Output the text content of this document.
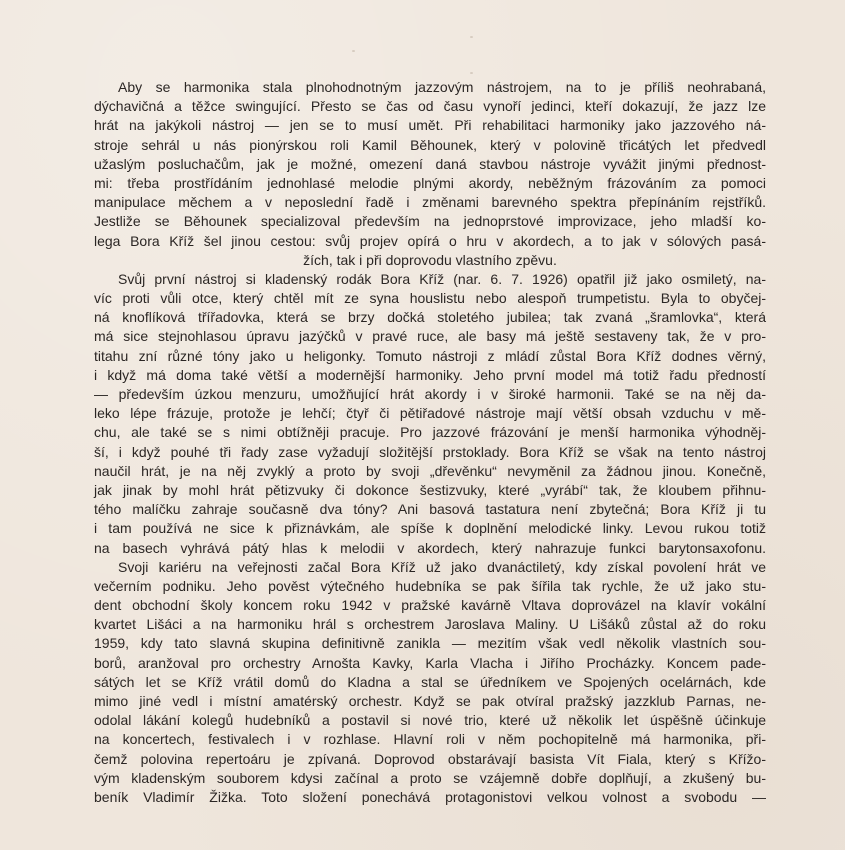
Aby se harmonika stala plnohodnotným jazzovým nástrojem, na to je příliš neohrabaná,
dýchavičná a těžce swingující. Přesto se čas od času vynoří jedinci, kteří dokazují, že jazz lze
hrát na jakýkoli nástroj — jen se to musí umět. Při rehabilitaci harmoniky jako jazzového ná-
stroje sehrál u nás pionýrskou roli Kamil Běhounek, který v polovině třicátých let předvedl
užaslým posluchačům, jak je možné, omezení daná stavbou nástroje vyvážit jinými přednost-
mi: třeba prostřídáním jednohlasé melodie plnými akordy, neběžným frázováním za pomoci
manipulace měchem a v neposlední řadě i změnami barevného spektra přepínáním rejstříků.
Jestliže se Běhounek specializoval především na jednoprstové improvizace, jeho mladší ko-
lega Bora Kříž šel jinou cestou: svůj projev opírá o hru v akordech, a to jak v sólových pasá-
žích, tak i při doprovodu vlastního zpěvu.
Svůj první nástroj si kladenský rodák Bora Kříž (nar. 6. 7. 1926) opatřil již jako osmiletý, na-
víc proti vůli otce, který chtěl mít ze syna houslistu nebo alespoň trumpetistu. Byla to obyčej-
ná knoflíková třířadovka, která se brzy dočká stoletého jubilea; tak zvaná „šramlovka“, která
má sice stejnohlasou úpravu jazýčků v pravé ruce, ale basy má ještě sestaveny tak, že v pro-
titahu zní různé tóny jako u heligonky. Tomuto nástroji z mládí zůstal Bora Kříž dodnes věrný,
i když má doma také větší a modernější harmoniky. Jeho první model má totiž řadu předností
— především úzkou menzuru, umožňující hrát akordy i v široké harmonii. Také se na něj da-
leko lépe frázuje, protože je lehčí; čtyř či pětiřadové nástroje mají větší obsah vzduchu v mě-
chu, ale také se s nimi obtížněji pracuje. Pro jazzové frázování je menší harmonika výhodněj-
ší, i když pouhé tři řady zase vyžadují složitější prstoklady. Bora Kříž se však na tento nástroj
naučil hrát, je na něj zvyklý a proto by svoji „dřevěnku“ nevyměnil za žádnou jinou. Konečně,
jak jinak by mohl hrát pětizvuky či dokonce šestizvuky, které „vyrábí“ tak, že kloubem přihnu-
tého malíčku zahraje současně dva tóny? Ani basová tastatura není zbytečná; Bora Kříž ji tu
i tam používá ne sice k přiznávkám, ale spíše k doplnění melodické linky. Levou rukou totiž
na basech vyhrává pátý hlas k melodii v akordech, který nahrazuje funkci barytonsaxofonu.
Svoji kariéru na veřejnosti začal Bora Kříž už jako dvanáctiletý, kdy získal povolení hrát ve
večerním podniku. Jeho pověst výtečného hudebníka se pak šířila tak rychle, že už jako stu-
dent obchodní školy koncem roku 1942 v pražské kavárně Vltava doprovázel na klavír vokální
kvartet Lišáci a na harmoniku hrál s orchestrem Jaroslava Maliny. U Lišáků zůstal až do roku
1959, kdy tato slavná skupina definitivně zanikla — mezitím však vedl několik vlastních sou-
borů, aranžoval pro orchestry Arnošta Kavky, Karla Vlacha i Jiřího Procházky. Koncem pade-
sátých let se Kříž vrátil domů do Kladna a stal se úředníkem ve Spojených ocelárnách, kde
mimo jiné vedl i místní amatérský orchestr. Když se pak otvíral pražský jazzklub Parnas, ne-
odolal lákání kolegů hudebníků a postavil si nové trio, které už několik let úspěšně účinkuje
na koncertech, festivalech i v rozhlase. Hlavní roli v něm pochopitelně má harmonika, při-
čemž polovina repertoáru je zpívaná. Doprovod obstarávají basista Vít Fiala, který s Křížo-
vým kladenským souborem kdysi začínal a proto se vzájemně dobře doplňují, a zkušený bu-
beník Vladimír Žižka. Toto složení ponechává protagonistovi velkou volnost a svobodu —
